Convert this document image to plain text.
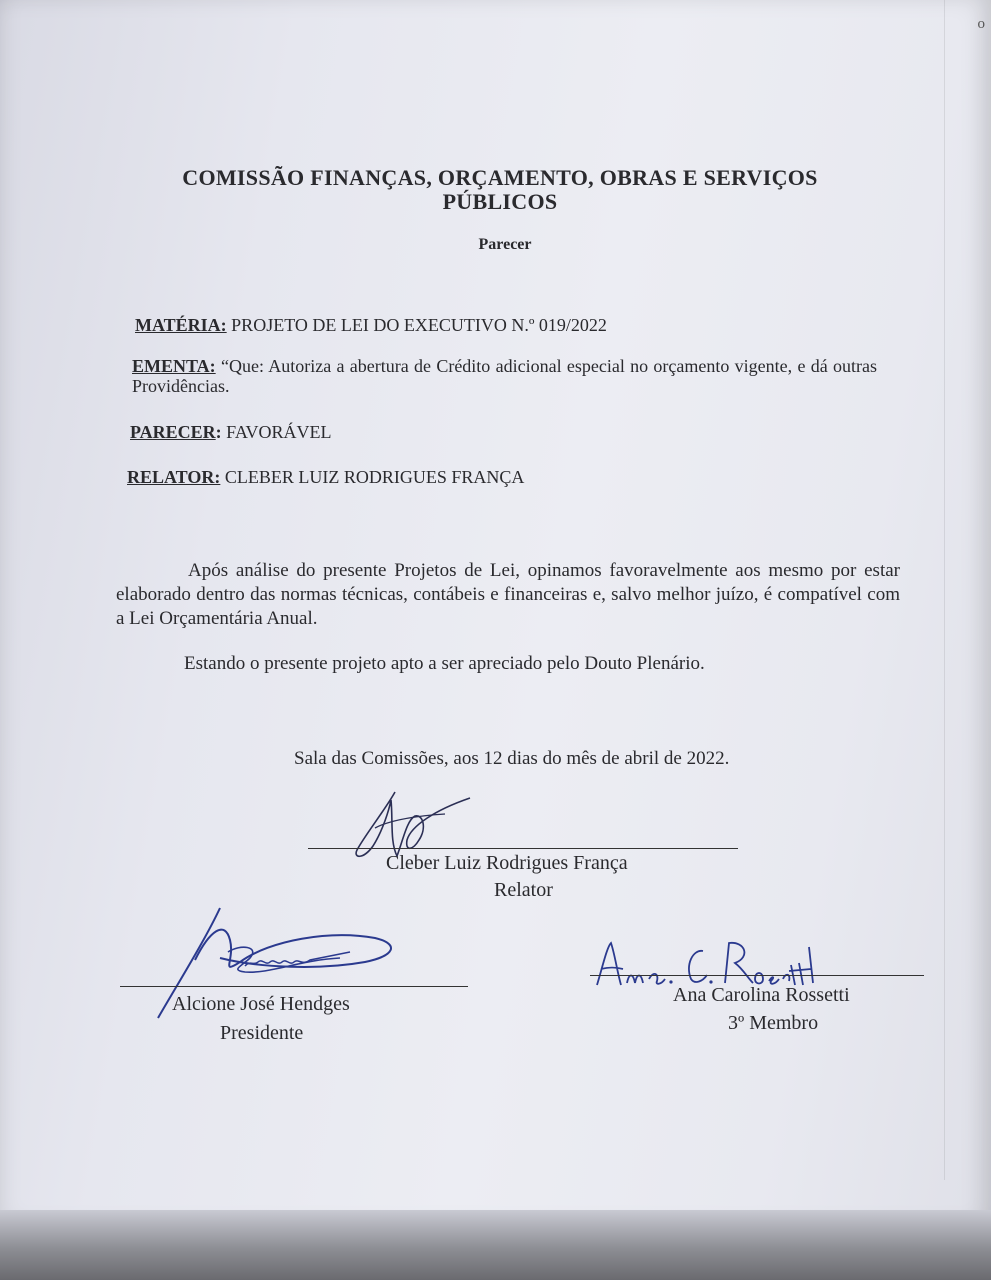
o
COMISSÃO FINANÇAS, ORÇAMENTO, OBRAS E SERVIÇOS PÚBLICOS
Parecer
MATÉRIA: PROJETO DE LEI DO EXECUTIVO N.º 019/2022
EMENTA: “Que: Autoriza a abertura de Crédito adicional especial no orçamento vigente, e dá outras Providências.
PARECER: FAVORÁVEL
RELATOR: CLEBER LUIZ RODRIGUES FRANÇA
Após análise do presente Projetos de Lei, opinamos favoravelmente aos mesmo por estar elaborado dentro das normas técnicas, contábeis e financeiras e, salvo melhor juízo, é compatível com a Lei Orçamentária Anual.
Estando o presente projeto apto a ser apreciado pelo Douto Plenário.
Sala das Comissões, aos 12 dias do mês de abril de 2022.
Cleber Luiz Rodrigues França
Relator
Alcione José Hendges
Presidente
Ana Carolina Rossetti
3º Membro
